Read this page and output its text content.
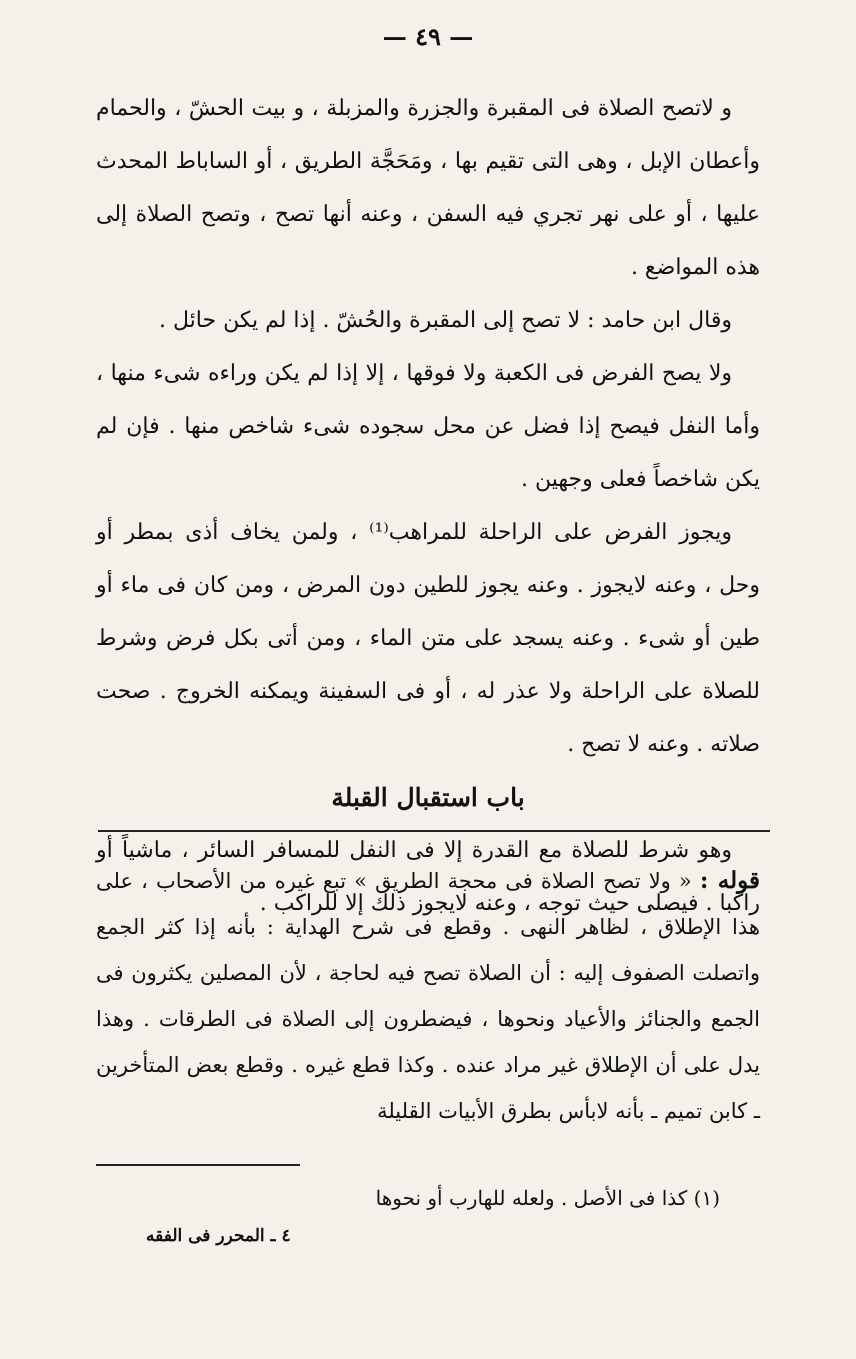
— ٤٩ —

و لاتصح الصلاة فى المقبرة والجزرة والمزبلة ، و بيت الحشّ ، والحمام وأعطان الإبل ، وهى التى تقيم بها ، ومَحَجَّة الطريق ، أو الساباط المحدث عليها ، أو على نهر تجري فيه السفن ، وعنه أنها تصح ، وتصح الصلاة إلى هذه المواضع .

وقال ابن حامد : لا تصح إلى المقبرة والحُشّ . إذا لم يكن حائل .

ولا يصح الفرض فى الكعبة ولا فوقها ، إلا إذا لم يكن وراءه شىء منها ، وأما النفل فيصح إذا فضل عن محل سجوده شىء شاخص منها . فإن لم يكن شاخصاً فعلى وجهين .

ويجوز الفرض على الراحلة للمراهب⁽¹⁾ ، ولمن يخاف أذى بمطر أو وحل ، وعنه لايجوز . وعنه يجوز للطين دون المرض ، ومن كان فى ماء أو طين أو شىء . وعنه يسجد على متن الماء ، ومن أتى بكل فرض وشرط للصلاة على الراحلة ولا عذر له ، أو فى السفينة ويمكنه الخروج . صحت صلاته . وعنه لا تصح .

باب استقبال القبلة

وهو شرط للصلاة مع القدرة إلا فى النفل للمسافر السائر ، ماشياً أو راكبا . فيصلى حيث توجه ، وعنه لايجوز ذلك إلا للراكب .

قوله : « ولا تصح الصلاة فى محجة الطريق » تبع غيره من الأصحاب ، على هذا الإطلاق ، لظاهر النهى . وقطع فى شرح الهداية : بأنه إذا كثر الجمع واتصلت الصفوف إليه : أن الصلاة تصح فيه لحاجة ، لأن المصلين يكثرون فى الجمع والجنائز والأعياد ونحوها ، فيضطرون إلى الصلاة فى الطرقات . وهذا يدل على أن الإطلاق غير مراد عنده . وكذا قطع غيره . وقطع بعض المتأخرين ـ كابن تميم ـ بأنه لابأس بطرق الأبيات القليلة

(١) كذا فى الأصل . ولعله للهارب أو نحوها
٤ ـ المحرر فى الفقه
